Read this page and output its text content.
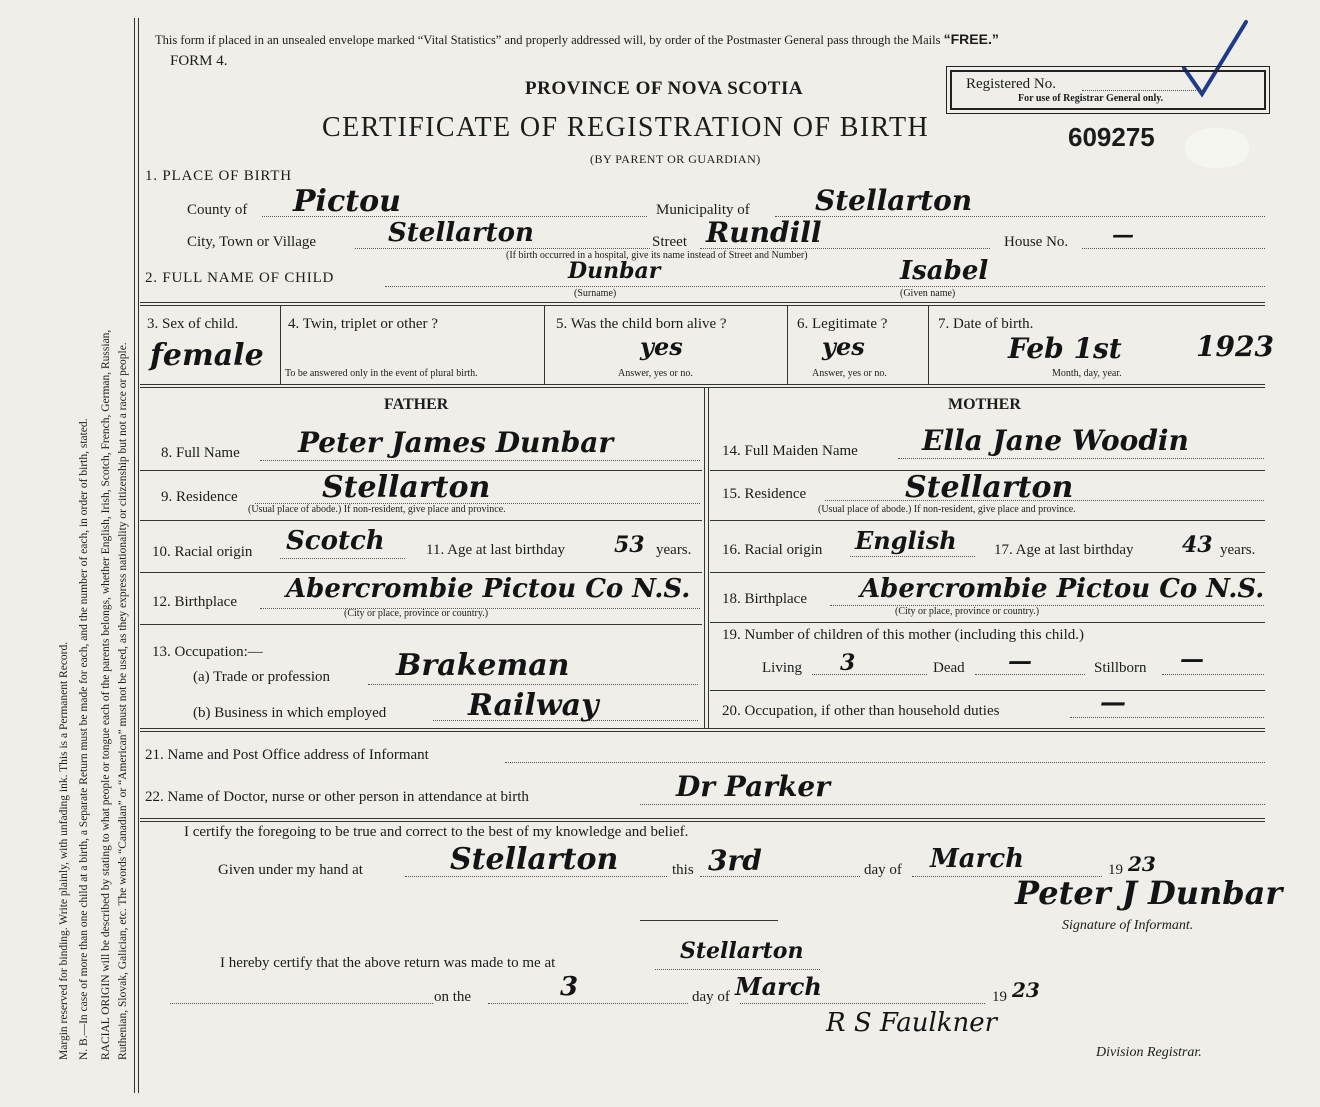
Margin reserved for binding. Write plainly, with unfading ink. This is a Permanent Record. N. B.—In case of more than one child at a birth, a Separate Return must be made for each, and the number of each, in order of birth, stated. RACIAL ORIGIN will be described by stating to what people or tongue each of the parents belongs, whether English, Irish, Scotch, French, German, Russian, Ruthenian, Slovak, Galician, etc. The words “Canadian” or “American” must not be used, as they express nationality or citizenship but not a race or people.
This form if placed in an unsealed envelope marked “Vital Statistics” and properly addressed will, by order of the Postmaster General pass through the Mails “FREE.”
FORM 4.
PROVINCE OF NOVA SCOTIA	Registered No.
For use of Registrar General only.
CERTIFICATE OF REGISTRATION OF BIRTH	609275
(BY PARENT OR GUARDIAN)
1. PLACE OF BIRTH
County of Pictou	Municipality of Stellarton
City, Town or Village	Stellarton	Street Rundill	House No. —
(If birth occurred in a hospital, give its name instead of Street and Number)
2. FULL NAME OF CHILD	Dunbar	Isabel
(Surname)	(Given name)
3. Sex of child.
female
4. Twin, triplet or other ?
To be answered only in the event of plural birth.
5. Was the child born alive ?
yes
Answer, yes or no.
6. Legitimate ?
yes
Answer, yes or no.
7. Date of birth.
Feb 1st	1923
Month, day, year.
FATHER	MOTHER
8. Full Name Peter James Dunbar
9. Residence	Stellarton
(Usual place of abode.) If non-resident, give place and province.
10. Racial origin Scotch	11. Age at last birthday 53 years.
12. Birthplace Abercrombie Pictou Co N.S.
(City or place, province or country.)
13. Occupation:—
(a) Trade or profession Brakeman
(b) Business in which employed	Railway
14. Full Maiden Name Ella Jane Woodin
15. Residence	Stellarton
(Usual place of abode.) If non-resident, give place and province.
16. Racial origin English 17. Age at last birthday 43 years.
18. Birthplace Abercrombie Pictou Co N.S.
(City or place, province or country.)
19. Number of children of this mother (including this child.)
Living 3	Dead —	Stillborn —
20. Occupation, if other than household duties	—
21. Name and Post Office address of Informant
22. Name of Doctor, nurse or other person in attendance at birth	Dr Parker
I certify the foregoing to be true and correct to the best of my knowledge and belief.
Given under my hand at	Stellarton	this 3rd	day of March	19 23
Peter J Dunbar
Signature of Informant.
I hereby certify that the above return was made to me at	Stellarton
on the	3	day of March	19 23
R S Faulkner
Division Registrar.
